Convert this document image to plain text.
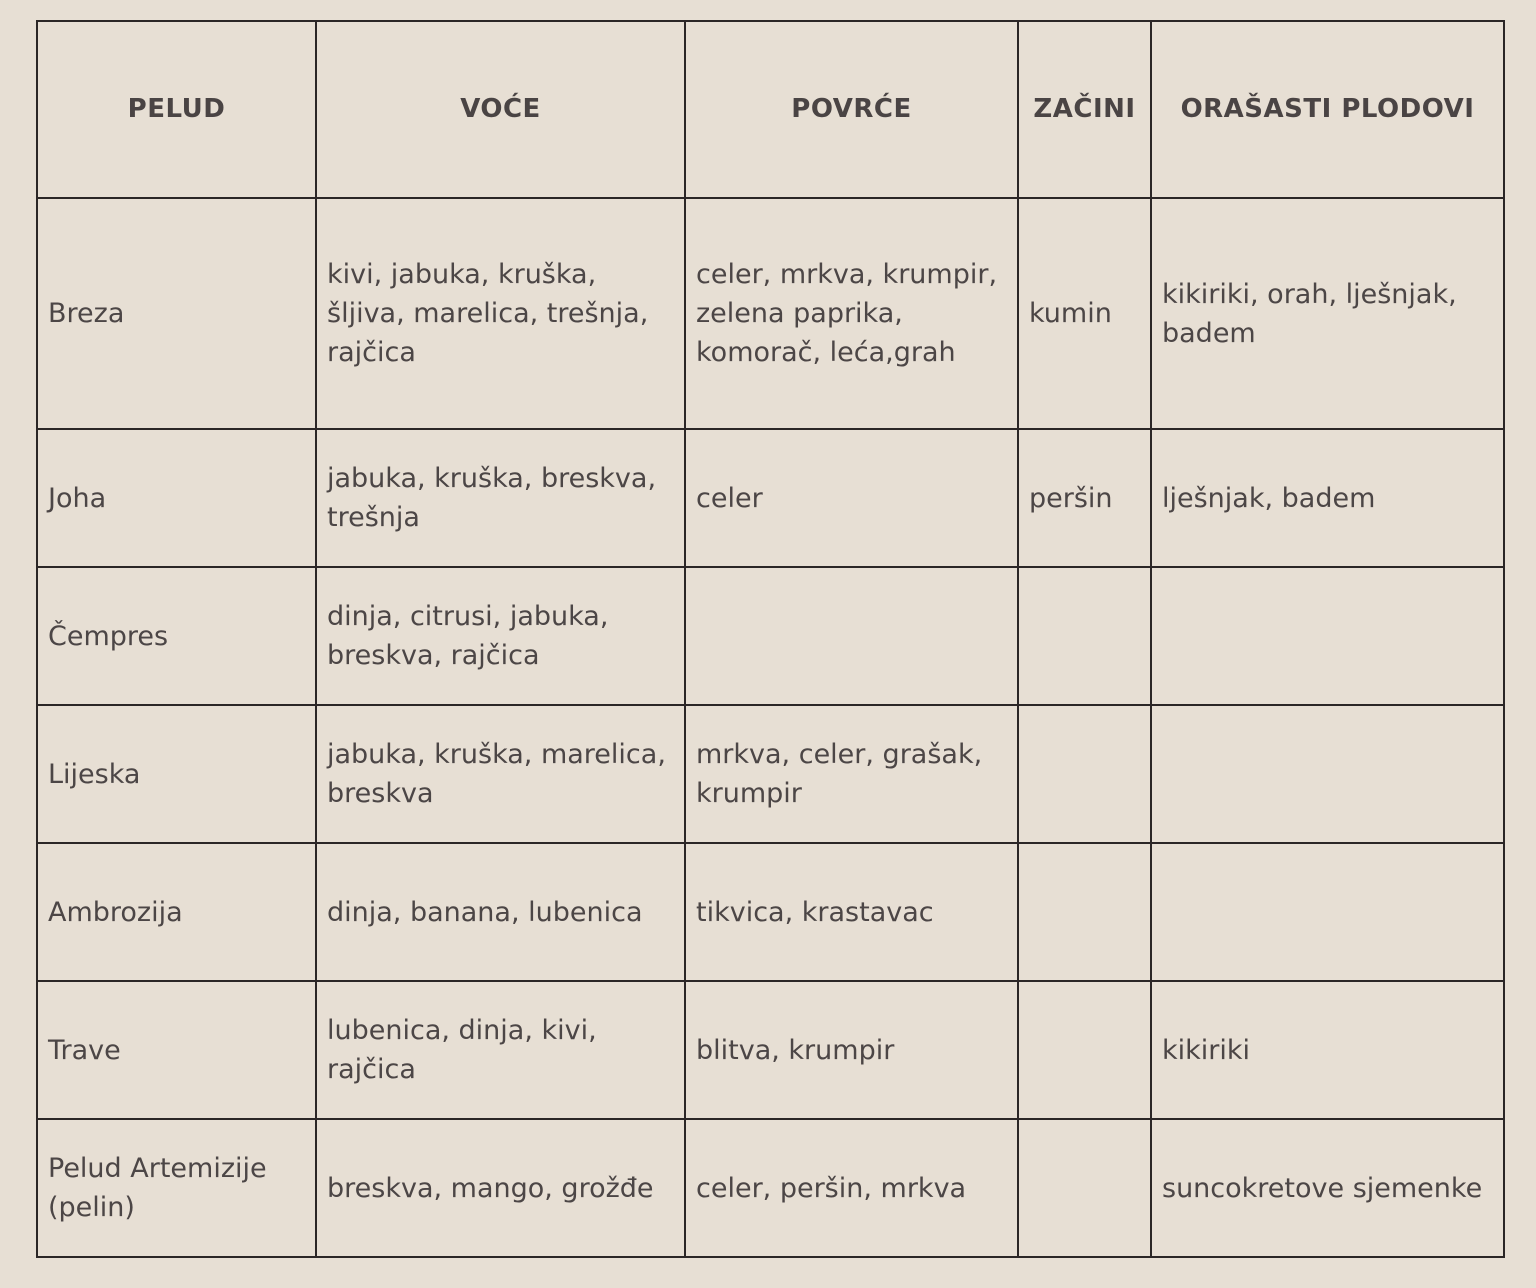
PELUD	VOĆE	POVRĆE	ZAČINI	ORAŠASTI PLODOVI
Breza	kivi, jabuka, kruška, šljiva, marelica, trešnja, rajčica	celer, mrkva, krumpir, zelena paprika, komorač, leća,grah	kumin	kikiriki, orah, lješnjak, badem
Joha	jabuka, kruška, breskva, trešnja	celer	peršin	lješnjak, badem
Čempres	dinja, citrusi, jabuka, breskva, rajčica			
Lijeska	jabuka, kruška, marelica, breskva	mrkva, celer, grašak, krumpir		
Ambrozija	dinja, banana, lubenica	tikvica, krastavac		
Trave	lubenica, dinja, kivi, rajčica	blitva, krumpir		kikiriki
Pelud Artemizije (pelin)	breskva, mango, grožđe	celer, peršin, mrkva		suncokretove sjemenke
